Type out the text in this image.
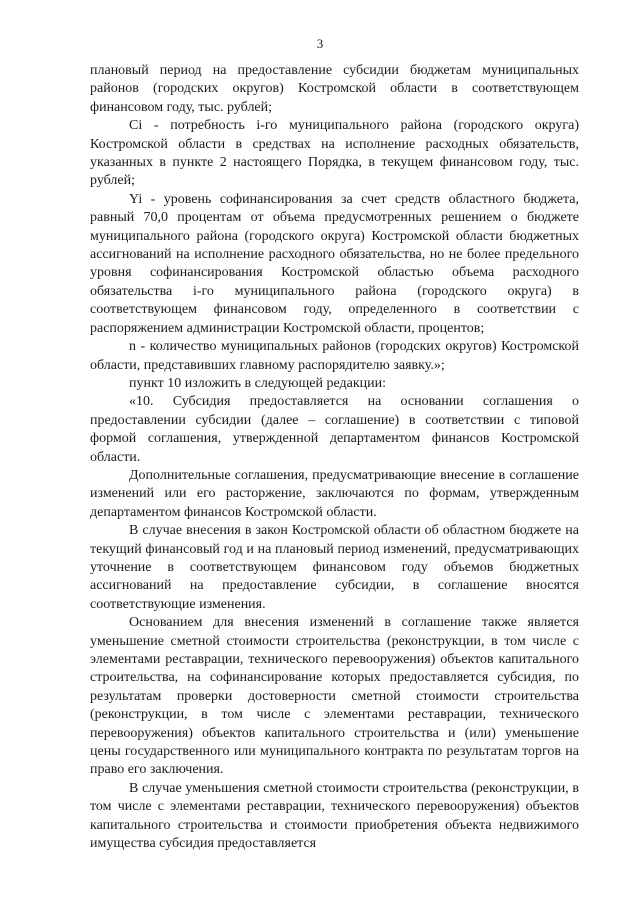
3

плановый период на предоставление субсидии бюджетам муниципальных районов (городских округов) Костромской области в соответствующем финансовом году, тыс. рублей;

Ci - потребность i-го муниципального района (городского округа) Костромской области в средствах на исполнение расходных обязательств, указанных в пункте 2 настоящего Порядка, в текущем финансовом году, тыс. рублей;

Yi - уровень софинансирования за счет средств областного бюджета, равный 70,0 процентам от объема предусмотренных решением о бюджете муниципального района (городского округа) Костромской области бюджетных ассигнований на исполнение расходного обязательства, но не более предельного уровня софинансирования Костромской областью объема расходного обязательства i-го муниципального района (городского округа) в соответствующем финансовом году, определенного в соответствии с распоряжением администрации Костромской области, процентов;

n - количество муниципальных районов (городских округов) Костромской области, представивших главному распорядителю заявку.»;

пункт 10 изложить в следующей редакции:

«10. Субсидия предоставляется на основании соглашения о предоставлении субсидии (далее – соглашение) в соответствии с типовой формой соглашения, утвержденной департаментом финансов Костромской области.

Дополнительные соглашения, предусматривающие внесение в соглашение изменений или его расторжение, заключаются по формам, утвержденным департаментом финансов Костромской области.

В случае внесения в закон Костромской области об областном бюджете на текущий финансовый год и на плановый период изменений, предусматривающих уточнение в соответствующем финансовом году объемов бюджетных ассигнований на предоставление субсидии, в соглашение вносятся соответствующие изменения.

Основанием для внесения изменений в соглашение также является уменьшение сметной стоимости строительства (реконструкции, в том числе с элементами реставрации, технического перевооружения) объектов капитального строительства, на софинансирование которых предоставляется субсидия, по результатам проверки достоверности сметной стоимости строительства (реконструкции, в том числе с элементами реставрации, технического перевооружения) объектов капитального строительства и (или) уменьшение цены государственного или муниципального контракта по результатам торгов на право его заключения.

В случае уменьшения сметной стоимости строительства (реконструкции, в том числе с элементами реставрации, технического перевооружения) объектов капитального строительства и стоимости приобретения объекта недвижимого имущества субсидия предоставляется
